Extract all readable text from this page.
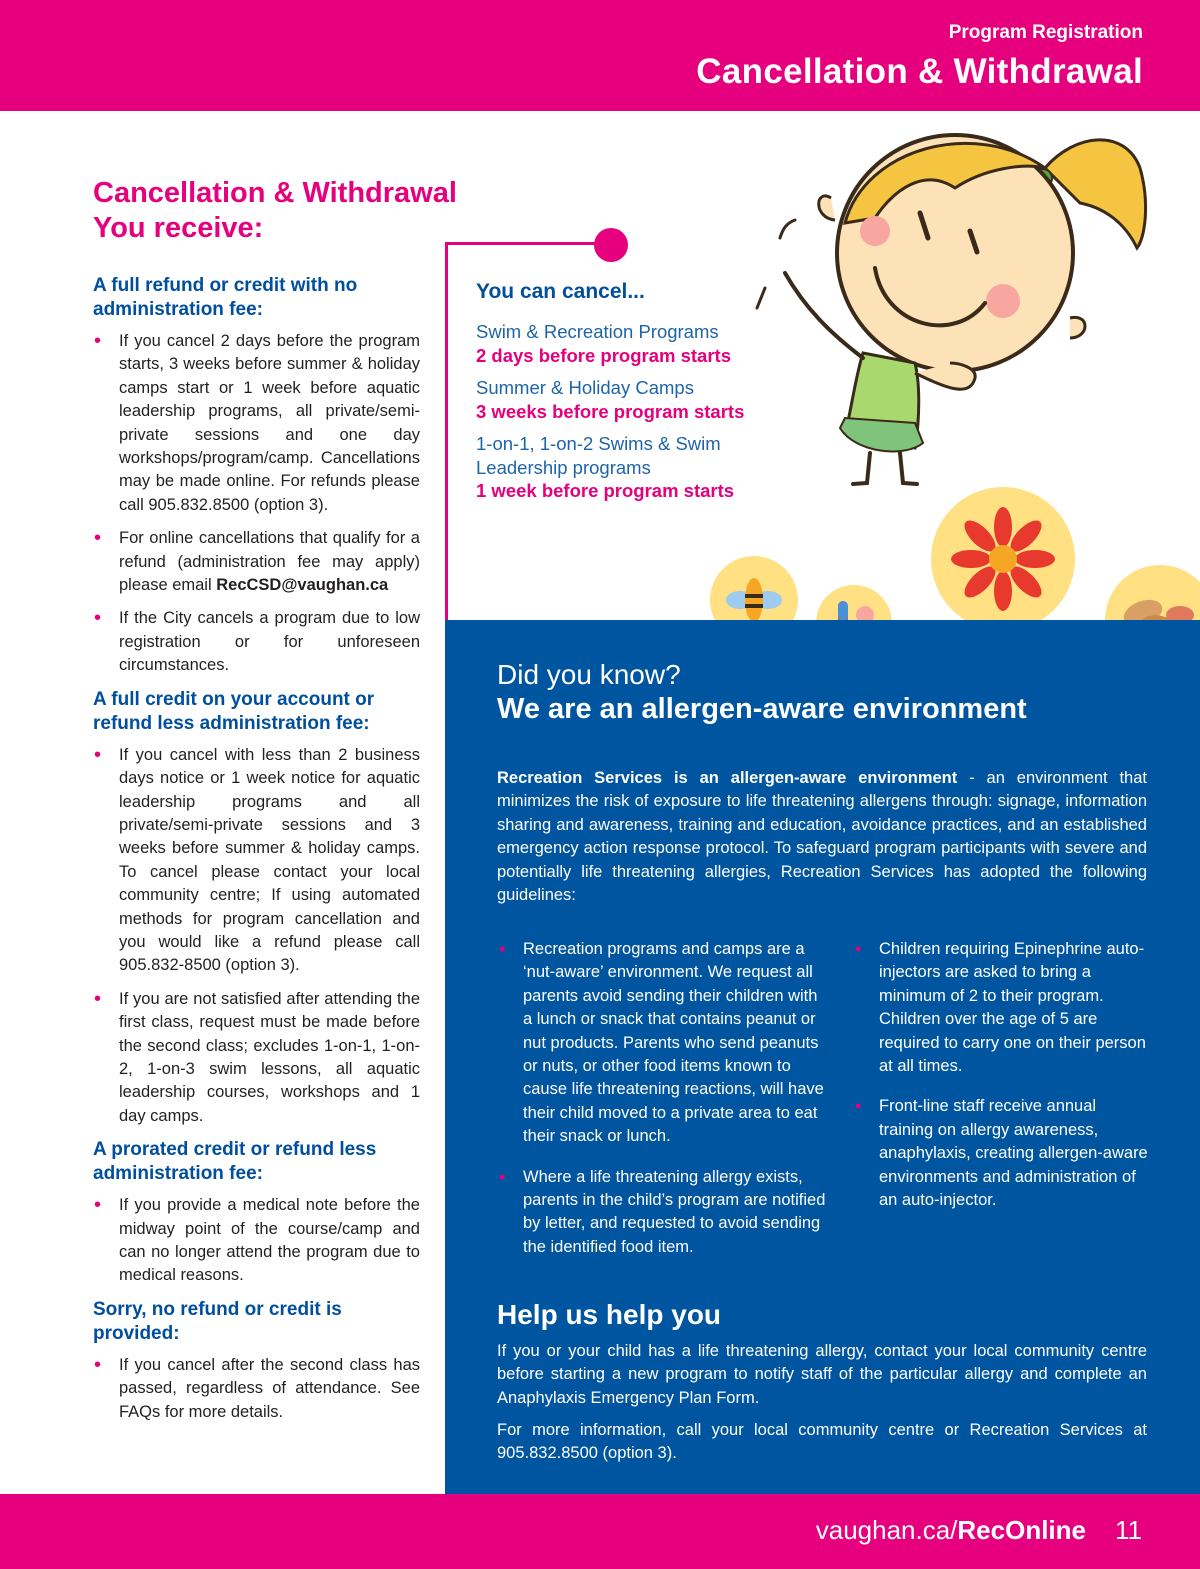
Program Registration
Cancellation & Withdrawal
Cancellation & Withdrawal
You receive:
A full refund or credit with no administration fee:
• If you cancel 2 days before the program starts, 3 weeks before summer & holiday camps start or 1 week before aquatic leadership programs, all private/semi-private sessions and one day workshops/program/camp. Cancellations may be made online. For refunds please call 905.832.8500 (option 3).
• For online cancellations that qualify for a refund (administration fee may apply) please email RecCSD@vaughan.ca
• If the City cancels a program due to low registration or for unforeseen circumstances.
A full credit on your account or refund less administration fee:
• If you cancel with less than 2 business days notice or 1 week notice for aquatic leadership programs and all private/semi-private sessions and 3 weeks before summer & holiday camps. To cancel please contact your local community centre; If using automated methods for program cancellation and you would like a refund please call 905.832-8500 (option 3).
• If you are not satisfied after attending the first class, request must be made before the second class; excludes 1-on-1, 1-on-2, 1-on-3 swim lessons, all aquatic leadership courses, workshops and 1 day camps.
A prorated credit or refund less administration fee:
• If you provide a medical note before the midway point of the course/camp and can no longer attend the program due to medical reasons.
Sorry, no refund or credit is provided:
• If you cancel after the second class has passed, regardless of attendance. See FAQs for more details.
You can cancel...
Swim & Recreation Programs
2 days before program starts
Summer & Holiday Camps
3 weeks before program starts
1-on-1, 1-on-2 Swims & Swim Leadership programs
1 week before program starts
Did you know?
We are an allergen-aware environment
Recreation Services is an allergen-aware environment - an environment that minimizes the risk of exposure to life threatening allergens through: signage, information sharing and awareness, training and education, avoidance practices, and an established emergency action response protocol. To safeguard program participants with severe and potentially life threatening allergies, Recreation Services has adopted the following guidelines:
• Recreation programs and camps are a ‘nut-aware’ environment. We request all parents avoid sending their children with a lunch or snack that contains peanut or nut products. Parents who send peanuts or nuts, or other food items known to cause life threatening reactions, will have their child moved to a private area to eat their snack or lunch.
• Where a life threatening allergy exists, parents in the child’s program are notified by letter, and requested to avoid sending the identified food item.
• Children requiring Epinephrine auto-injectors are asked to bring a minimum of 2 to their program. Children over the age of 5 are required to carry one on their person at all times.
• Front-line staff receive annual training on allergy awareness, anaphylaxis, creating allergen-aware environments and administration of an auto-injector.
Help us help you
If you or your child has a life threatening allergy, contact your local community centre before starting a new program to notify staff of the particular allergy and complete an Anaphylaxis Emergency Plan Form.
For more information, call your local community centre or Recreation Services at 905.832.8500 (option 3).
vaughan.ca/RecOnline 11
